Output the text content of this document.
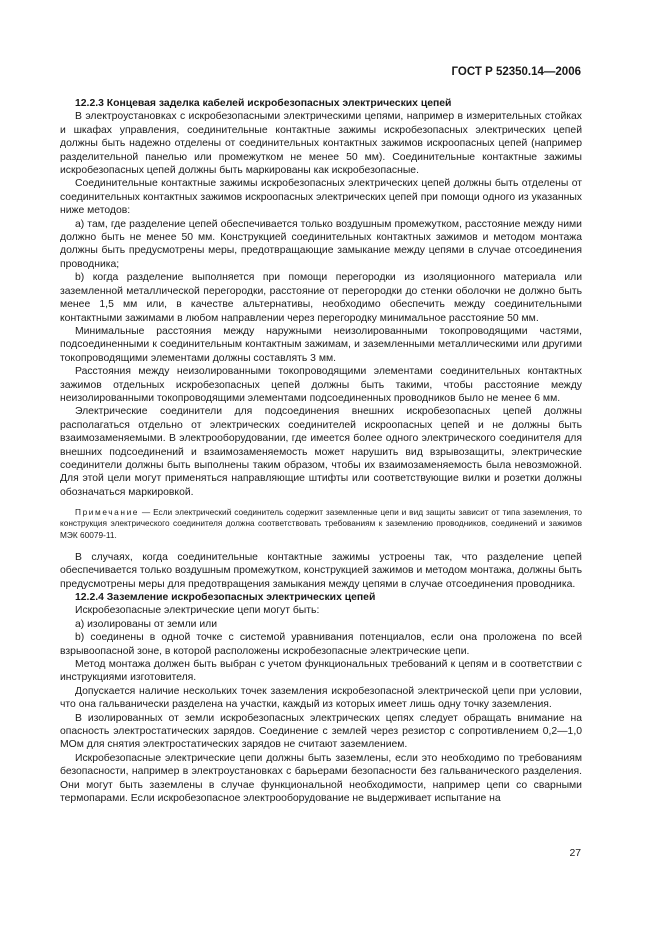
ГОСТ Р 52350.14—2006

12.2.3 Концевая заделка кабелей искробезопасных электрических цепей

В электроустановках с искробезопасными электрическими цепями, например в измерительных стойках и шкафах управления, соединительные контактные зажимы искробезопасных электрических цепей должны быть надежно отделены от соединительных контактных зажимов искроопасных цепей (например разделительной панелью или промежутком не менее 50 мм). Соединительные контактные зажимы искробезопасных цепей должны быть маркированы как искробезопасные.

Соединительные контактные зажимы искробезопасных электрических цепей должны быть отделены от соединительных контактных зажимов искроопасных электрических цепей при помощи одного из указанных ниже методов:

а) там, где разделение цепей обеспечивается только воздушным промежутком, расстояние между ними должно быть не менее 50 мм. Конструкцией соединительных контактных зажимов и методом монтажа должны быть предусмотрены меры, предотвращающие замыкание между цепями в случае отсоединения проводника;

b) когда разделение выполняется при помощи перегородки из изоляционного материала или заземленной металлической перегородки, расстояние от перегородки до стенки оболочки не должно быть менее 1,5 мм или, в качестве альтернативы, необходимо обеспечить между соединительными контактными зажимами в любом направлении через перегородку минимальное расстояние 50 мм.

Минимальные расстояния между наружными неизолированными токопроводящими частями, подсоединенными к соединительным контактным зажимам, и заземленными металлическими или другими токопроводящими элементами должны составлять 3 мм.

Расстояния между неизолированными токопроводящими элементами соединительных контактных зажимов отдельных искробезопасных цепей должны быть такими, чтобы расстояние между неизолированными токопроводящими элементами подсоединенных проводников было не менее 6 мм.

Электрические соединители для подсоединения внешних искробезопасных цепей должны располагаться отдельно от электрических соединителей искроопасных цепей и не должны быть взаимозаменяемыми. В электрооборудовании, где имеется более одного электрического соединителя для внешних подсоединений и взаимозаменяемость может нарушить вид взрывозащиты, электрические соединители должны быть выполнены таким образом, чтобы их взаимозаменяемость была невозможной. Для этой цели могут применяться направляющие штифты или соответствующие вилки и розетки должны обозначаться маркировкой.

Примечание — Если электрический соединитель содержит заземленные цепи и вид защиты зависит от типа заземления, то конструкция электрического соединителя должна соответствовать требованиям к заземлению проводников, соединений и зажимов МЭК 60079-11.

В случаях, когда соединительные контактные зажимы устроены так, что разделение цепей обеспечивается только воздушным промежутком, конструкцией зажимов и методом монтажа, должны быть предусмотрены меры для предотвращения замыкания между цепями в случае отсоединения проводника.

12.2.4 Заземление искробезопасных электрических цепей

Искробезопасные электрические цепи могут быть:

а) изолированы от земли или

b) соединены в одной точке с системой уравнивания потенциалов, если она проложена по всей взрывоопасной зоне, в которой расположены искробезопасные электрические цепи.

Метод монтажа должен быть выбран с учетом функциональных требований к цепям и в соответствии с инструкциями изготовителя.

Допускается наличие нескольких точек заземления искробезопасной электрической цепи при условии, что она гальванически разделена на участки, каждый из которых имеет лишь одну точку заземления.

В изолированных от земли искробезопасных электрических цепях следует обращать внимание на опасность электростатических зарядов. Соединение с землей через резистор с сопротивлением 0,2—1,0 МОм для снятия электростатических зарядов не считают заземлением.

Искробезопасные электрические цепи должны быть заземлены, если это необходимо по требованиям безопасности, например в электроустановках с барьерами безопасности без гальванического разделения. Они могут быть заземлены в случае функциональной необходимости, например цепи со сварными термопарами. Если искробезопасное электрооборудование не выдерживает испытание на

27
